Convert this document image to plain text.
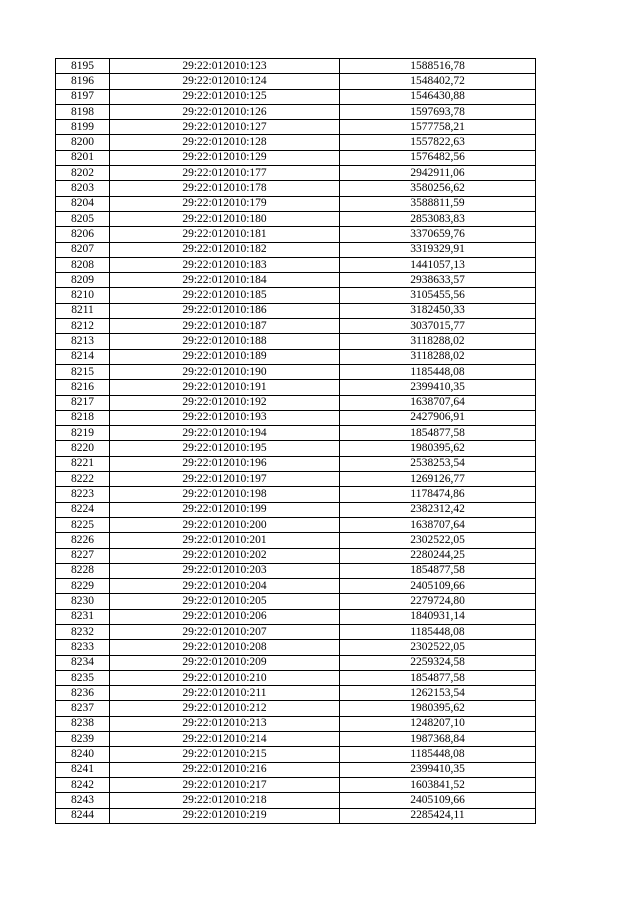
8195	29:22:012010:123	1588516,78
8196	29:22:012010:124	1548402,72
8197	29:22:012010:125	1546430,88
8198	29:22:012010:126	1597693,78
8199	29:22:012010:127	1577758,21
8200	29:22:012010:128	1557822,63
8201	29:22:012010:129	1576482,56
8202	29:22:012010:177	2942911,06
8203	29:22:012010:178	3580256,62
8204	29:22:012010:179	3588811,59
8205	29:22:012010:180	2853083,83
8206	29:22:012010:181	3370659,76
8207	29:22:012010:182	3319329,91
8208	29:22:012010:183	1441057,13
8209	29:22:012010:184	2938633,57
8210	29:22:012010:185	3105455,56
8211	29:22:012010:186	3182450,33
8212	29:22:012010:187	3037015,77
8213	29:22:012010:188	3118288,02
8214	29:22:012010:189	3118288,02
8215	29:22:012010:190	1185448,08
8216	29:22:012010:191	2399410,35
8217	29:22:012010:192	1638707,64
8218	29:22:012010:193	2427906,91
8219	29:22:012010:194	1854877,58
8220	29:22:012010:195	1980395,62
8221	29:22:012010:196	2538253,54
8222	29:22:012010:197	1269126,77
8223	29:22:012010:198	1178474,86
8224	29:22:012010:199	2382312,42
8225	29:22:012010:200	1638707,64
8226	29:22:012010:201	2302522,05
8227	29:22:012010:202	2280244,25
8228	29:22:012010:203	1854877,58
8229	29:22:012010:204	2405109,66
8230	29:22:012010:205	2279724,80
8231	29:22:012010:206	1840931,14
8232	29:22:012010:207	1185448,08
8233	29:22:012010:208	2302522,05
8234	29:22:012010:209	2259324,58
8235	29:22:012010:210	1854877,58
8236	29:22:012010:211	1262153,54
8237	29:22:012010:212	1980395,62
8238	29:22:012010:213	1248207,10
8239	29:22:012010:214	1987368,84
8240	29:22:012010:215	1185448,08
8241	29:22:012010:216	2399410,35
8242	29:22:012010:217	1603841,52
8243	29:22:012010:218	2405109,66
8244	29:22:012010:219	2285424,11
